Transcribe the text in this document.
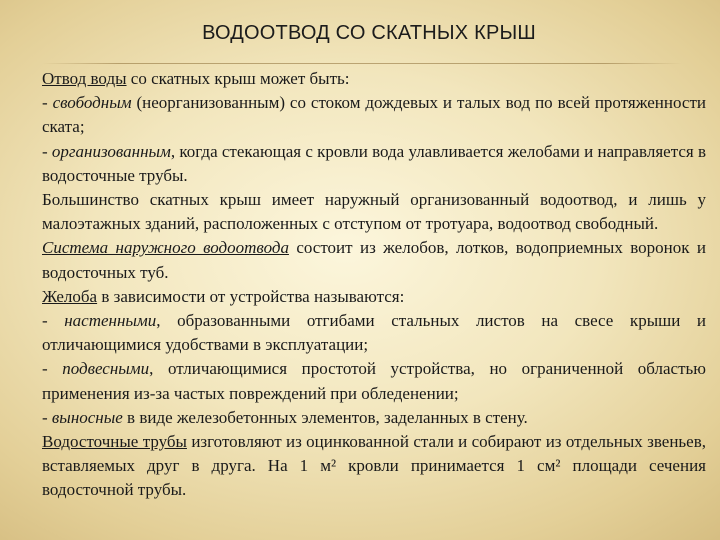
ВОДООТВОД СО СКАТНЫХ КРЫШ

Отвод воды со скатных крыш может быть:

- свободным (неорганизованным) со стоком дождевых и талых вод по всей протяженности ската;

- организованным, когда стекающая с кровли вода улавливается желобами и направляется в водосточные трубы.

Большинство скатных крыш имеет наружный организованный водоотвод, и лишь у малоэтажных зданий, расположенных с отступом от тротуара, водоотвод свободный.

Система наружного водоотвода состоит из желобов, лотков, водоприемных воронок и водосточных туб.

Желоба в зависимости от устройства называются:

- настенными, образованными отгибами стальных листов на свесе крыши и отличающимися удобствами в эксплуатации;

- подвесными, отличающимися простотой устройства, но ограниченной областью применения из-за частых повреждений при обледенении;

- выносные в виде железобетонных элементов, заделанных в стену.

Водосточные трубы изготовляют из оцинкованной стали и собирают из отдельных звеньев, вставляемых друг в друга. На 1 м² кровли принимается 1 см² площади сечения водосточной трубы.
